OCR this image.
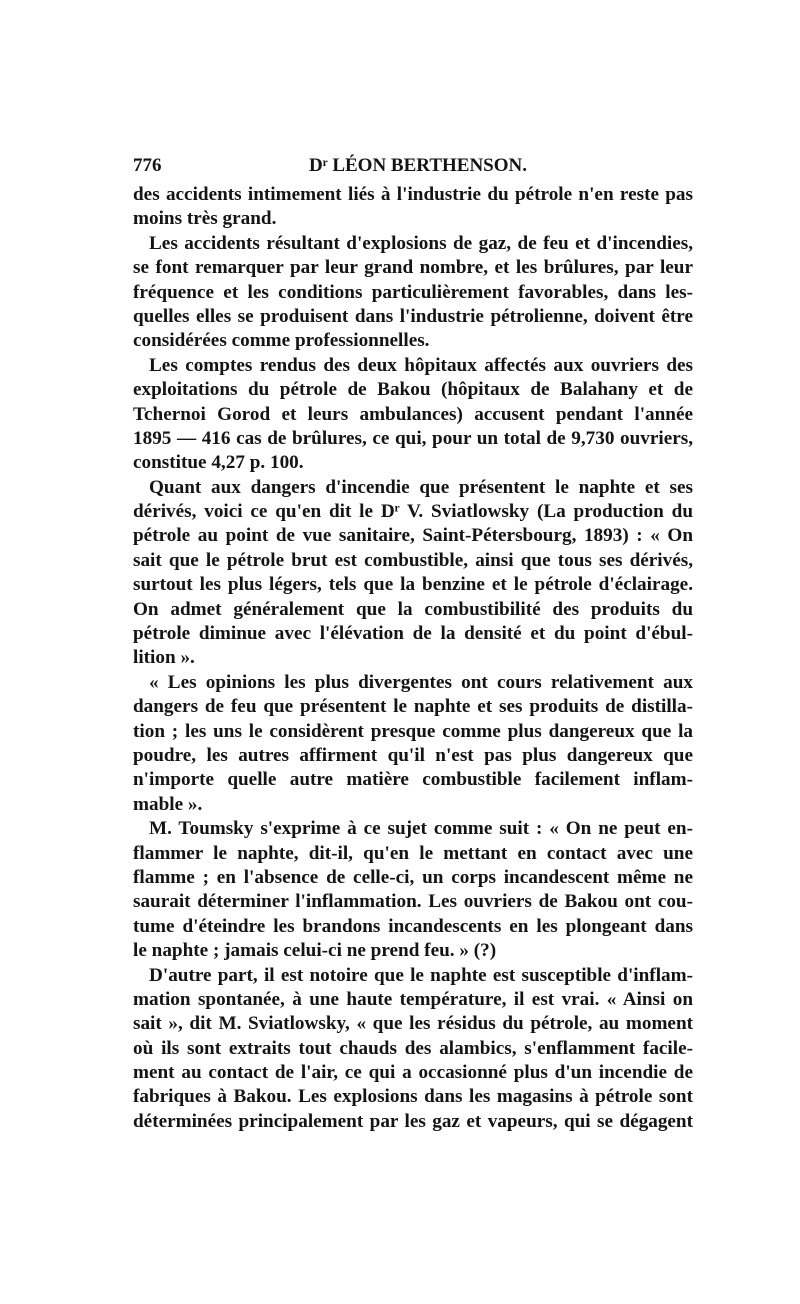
776	Dʳ LÉON BERTHENSON.
des accidents intimement liés à l'industrie du pétrole n'en reste pas
moins très grand.
Les accidents résultant d'explosions de gaz, de feu et d'incendies,
se font remarquer par leur grand nombre, et les brûlures, par leur
fréquence et les conditions particulièrement favorables, dans les-
quelles elles se produisent dans l'industrie pétrolienne, doivent être
considérées comme professionnelles.
Les comptes rendus des deux hôpitaux affectés aux ouvriers des
exploitations du pétrole de Bakou (hôpitaux de Balahany et de
Tchernoi Gorod et leurs ambulances) accusent pendant l'année
1895 — 416 cas de brûlures, ce qui, pour un total de 9,730 ouvriers,
constitue 4,27 p. 100.
Quant aux dangers d'incendie que présentent le naphte et ses
dérivés, voici ce qu'en dit le Dʳ V. Sviatlowsky (La production du
pétrole au point de vue sanitaire, Saint-Pétersbourg, 1893) : « On
sait que le pétrole brut est combustible, ainsi que tous ses dérivés,
surtout les plus légers, tels que la benzine et le pétrole d'éclairage.
On admet généralement que la combustibilité des produits du
pétrole diminue avec l'élévation de la densité et du point d'ébul-
lition ».
« Les opinions les plus divergentes ont cours relativement aux
dangers de feu que présentent le naphte et ses produits de distilla-
tion ; les uns le considèrent presque comme plus dangereux que la
poudre, les autres affirment qu'il n'est pas plus dangereux que
n'importe quelle autre matière combustible facilement inflam-
mable ».
M. Toumsky s'exprime à ce sujet comme suit : « On ne peut en-
flammer le naphte, dit-il, qu'en le mettant en contact avec une
flamme ; en l'absence de celle-ci, un corps incandescent même ne
saurait déterminer l'inflammation. Les ouvriers de Bakou ont cou-
tume d'éteindre les brandons incandescents en les plongeant dans
le naphte ; jamais celui-ci ne prend feu. » (?)
D'autre part, il est notoire que le naphte est susceptible d'inflam-
mation spontanée, à une haute température, il est vrai. « Ainsi on
sait », dit M. Sviatlowsky, « que les résidus du pétrole, au moment
où ils sont extraits tout chauds des alambics, s'enflamment facile-
ment au contact de l'air, ce qui a occasionné plus d'un incendie de
fabriques à Bakou. Les explosions dans les magasins à pétrole sont
déterminées principalement par les gaz et vapeurs, qui se dégagent
